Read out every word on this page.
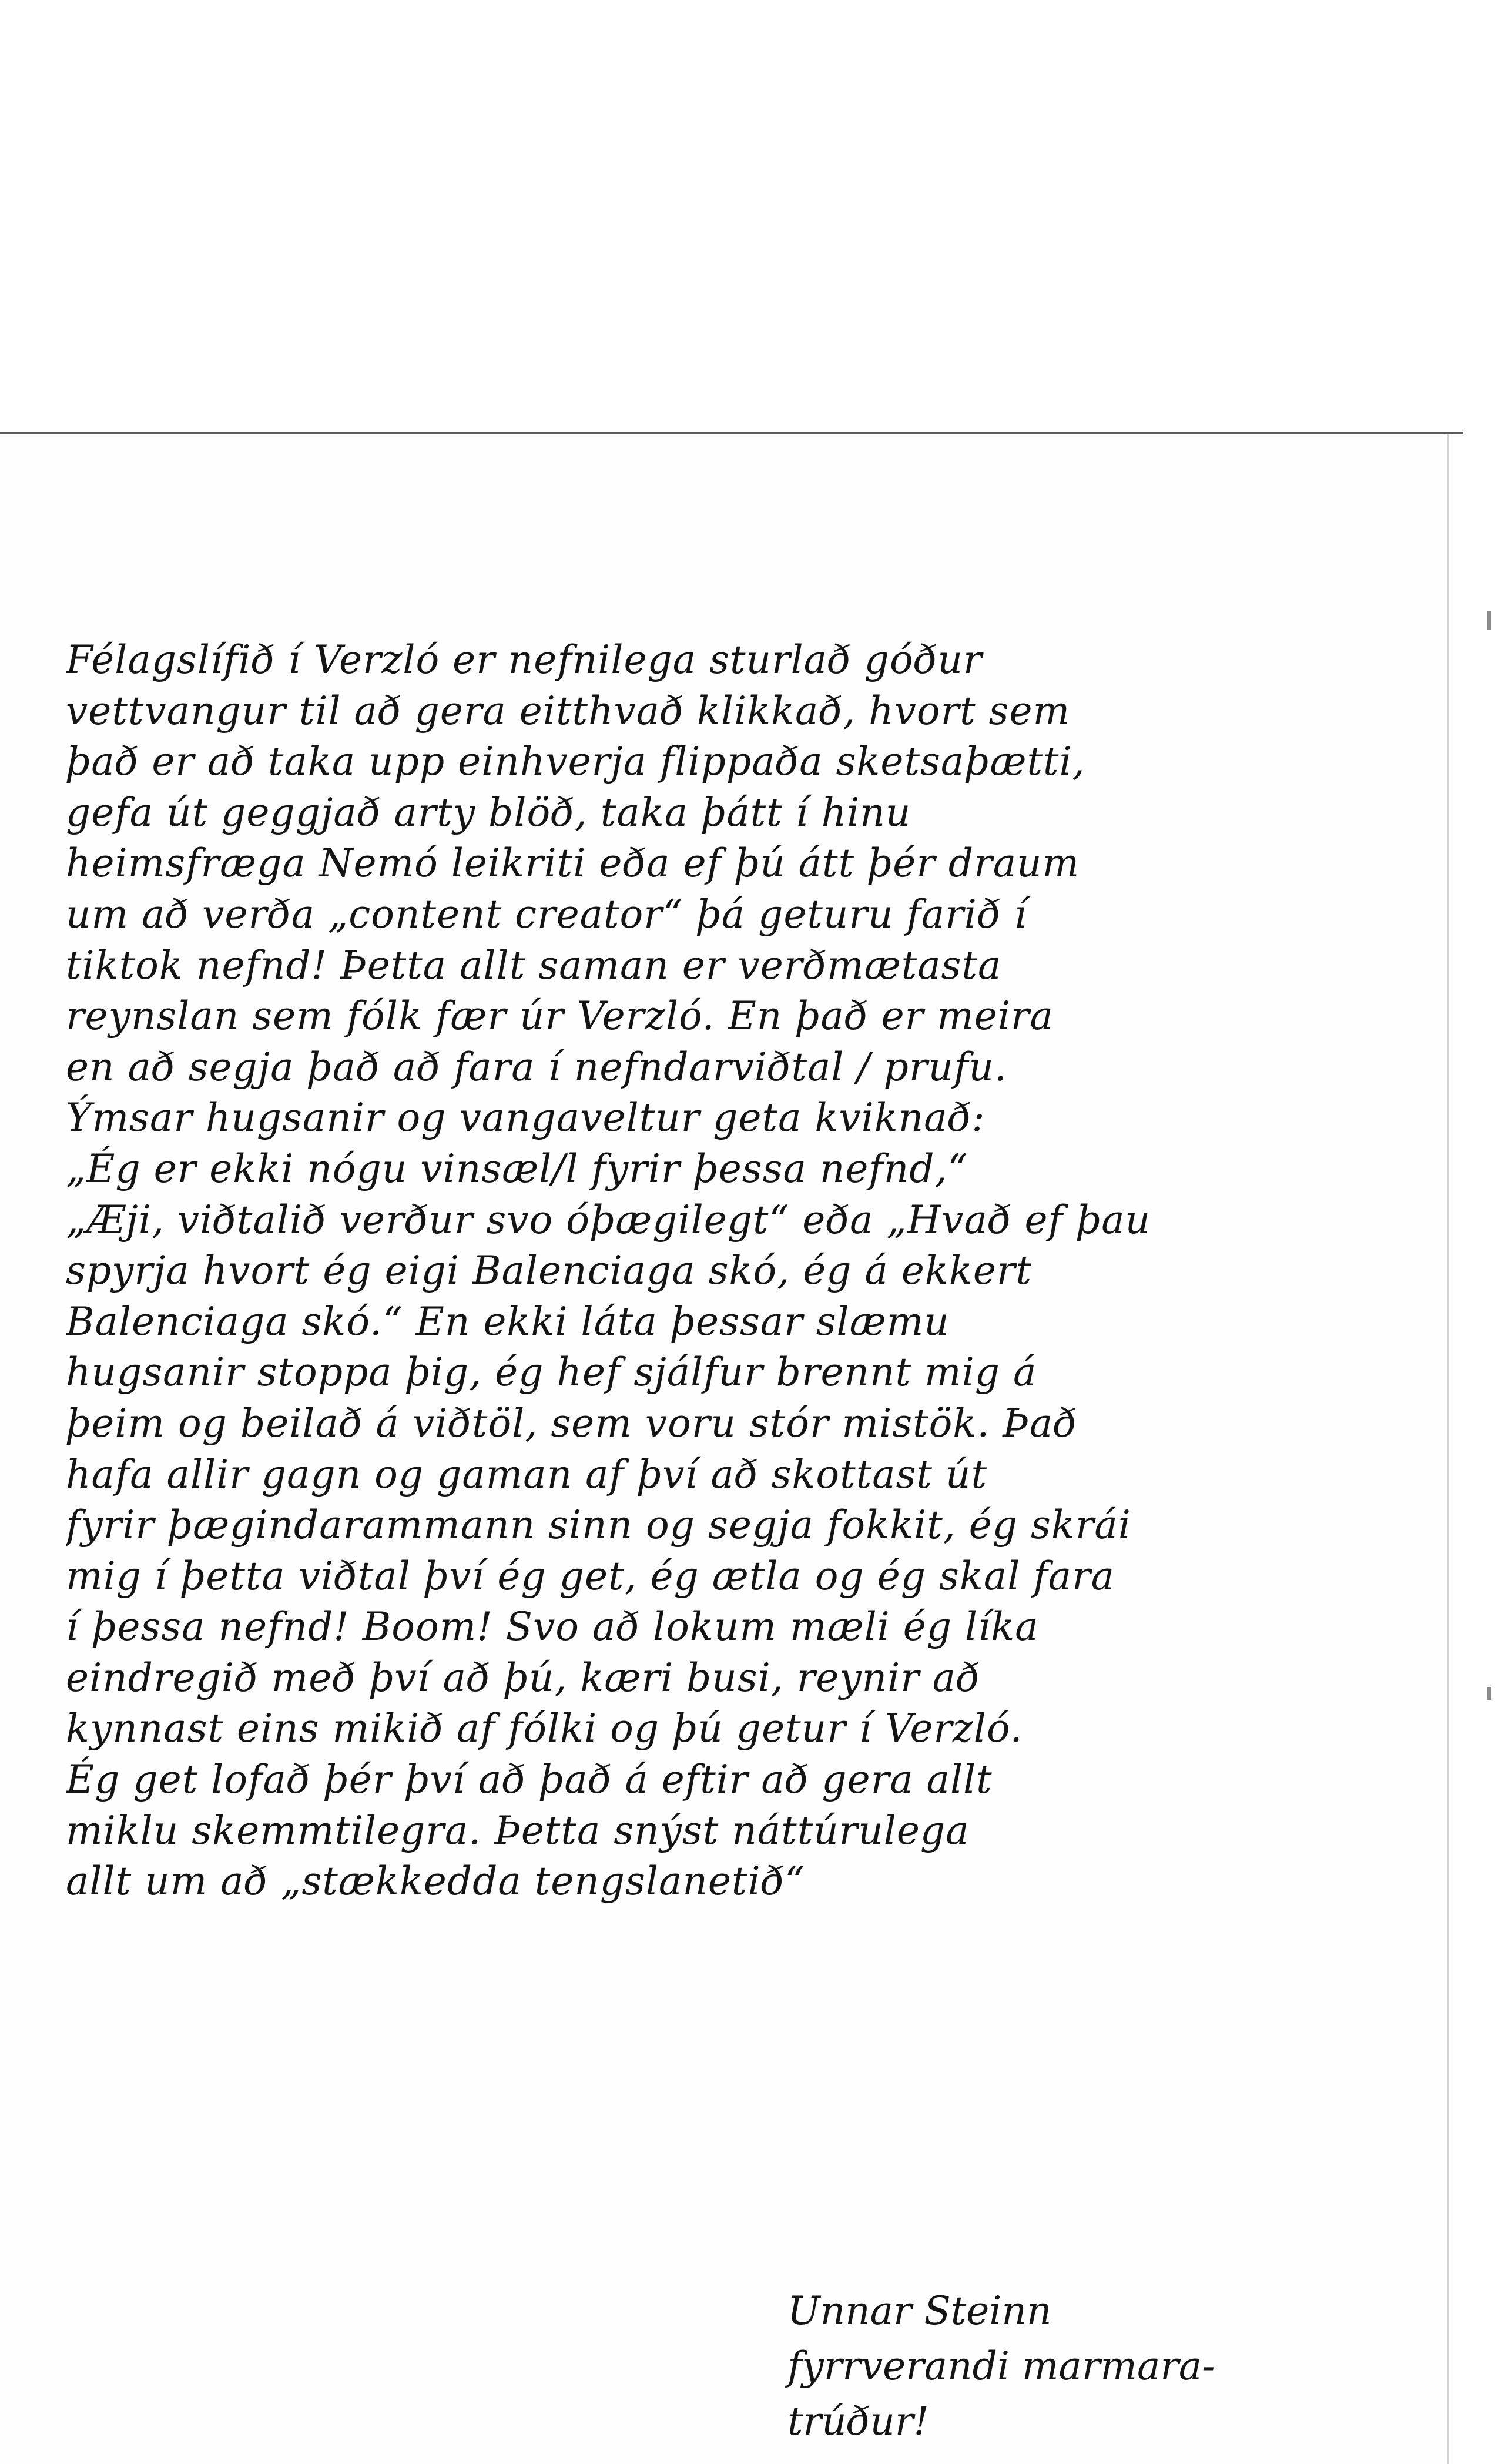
Félagslífið í Verzló er nefnilega sturlað góður
vettvangur til að gera eitthvað klikkað, hvort sem
það er að taka upp einhverja flippaða sketsaþætti,
gefa út geggjað arty blöð, taka þátt í hinu
heimsfræga Nemó leikriti eða ef þú átt þér draum
um að verða „content creator“ þá geturu farið í
tiktok nefnd! Þetta allt saman er verðmætasta
reynslan sem fólk fær úr Verzló. En það er meira
en að segja það að fara í nefndarviðtal / prufu.
Ýmsar hugsanir og vangaveltur geta kviknað:
„Ég er ekki nógu vinsæl/l fyrir þessa nefnd,“
„Æji, viðtalið verður svo óþægilegt“ eða „Hvað ef þau
spyrja hvort ég eigi Balenciaga skó, ég á ekkert
Balenciaga skó.“ En ekki láta þessar slæmu
hugsanir stoppa þig, ég hef sjálfur brennt mig á
þeim og beilað á viðtöl, sem voru stór mistök. Það
hafa allir gagn og gaman af því að skottast út
fyrir þægindarammann sinn og segja fokkit, ég skrái
mig í þetta viðtal því ég get, ég ætla og ég skal fara
í þessa nefnd! Boom! Svo að lokum mæli ég líka
eindregið með því að þú, kæri busi, reynir að
kynnast eins mikið af fólki og þú getur í Verzló.
Ég get lofað þér því að það á eftir að gera allt
miklu skemmtilegra. Þetta snýst náttúrulega
allt um að „stækkedda tengslanetið“
Unnar Steinn
fyrrverandi marmara-
trúður!
